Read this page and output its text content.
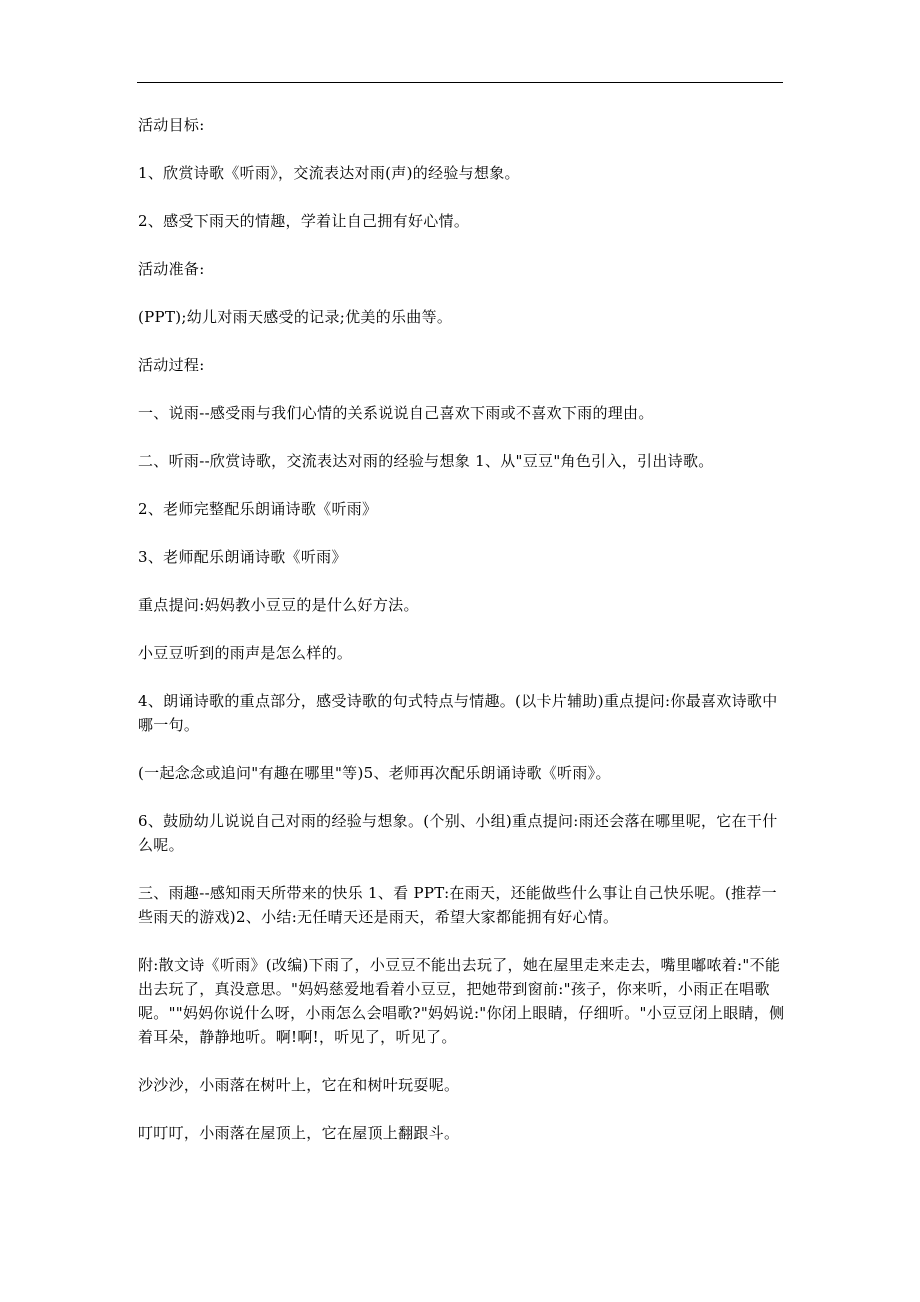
活动目标:

1、欣赏诗歌《听雨》，交流表达对雨(声)的经验与想象。

2、感受下雨天的情趣，学着让自己拥有好心情。

活动准备:

(PPT);幼儿对雨天感受的记录;优美的乐曲等。

活动过程:

一、说雨--感受雨与我们心情的关系说说自己喜欢下雨或不喜欢下雨的理由。

二、听雨--欣赏诗歌，交流表达对雨的经验与想象 1、从"豆豆"角色引入，引出诗歌。

2、老师完整配乐朗诵诗歌《听雨》

3、老师配乐朗诵诗歌《听雨》

重点提问:妈妈教小豆豆的是什么好方法。

小豆豆听到的雨声是怎么样的。

4、朗诵诗歌的重点部分，感受诗歌的句式特点与情趣。(以卡片辅助)重点提问:你最喜欢诗歌中哪一句。

(一起念念或追问"有趣在哪里"等)5、老师再次配乐朗诵诗歌《听雨》。

6、鼓励幼儿说说自己对雨的经验与想象。(个别、小组)重点提问:雨还会落在哪里呢，它在干什么呢。

三、雨趣--感知雨天所带来的快乐 1、看 PPT:在雨天，还能做些什么事让自己快乐呢。(推荐一些雨天的游戏)2、小结:无任晴天还是雨天，希望大家都能拥有好心情。

附:散文诗《听雨》(改编)下雨了，小豆豆不能出去玩了，她在屋里走来走去，嘴里嘟哝着:"不能出去玩了，真没意思。"妈妈慈爱地看着小豆豆，把她带到窗前:"孩子，你来听，小雨正在唱歌呢。""妈妈你说什么呀，小雨怎么会唱歌?"妈妈说:"你闭上眼睛，仔细听。"小豆豆闭上眼睛，侧着耳朵，静静地听。啊!啊!，听见了，听见了。

沙沙沙，小雨落在树叶上，它在和树叶玩耍呢。

叮叮叮，小雨落在屋顶上，它在屋顶上翻跟斗。
